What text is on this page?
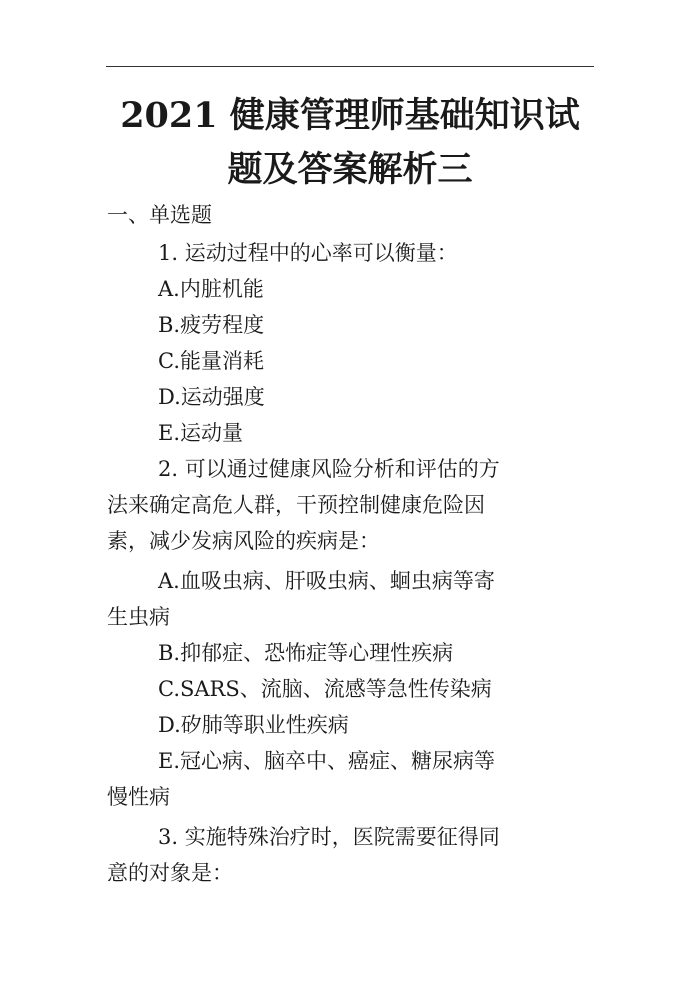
2021 健康管理师基础知识试
题及答案解析三
一、单选题
1. 运动过程中的心率可以衡量：
A.内脏机能
B.疲劳程度
C.能量消耗
D.运动强度
E.运动量
2. 可以通过健康风险分析和评估的方
法来确定高危人群，干预控制健康危险因
素，减少发病风险的疾病是：
A.血吸虫病、肝吸虫病、蛔虫病等寄
生虫病
B.抑郁症、恐怖症等心理性疾病
C.SARS、流脑、流感等急性传染病
D.矽肺等职业性疾病
E.冠心病、脑卒中、癌症、糖尿病等
慢性病
3. 实施特殊治疗时，医院需要征得同
意的对象是：
